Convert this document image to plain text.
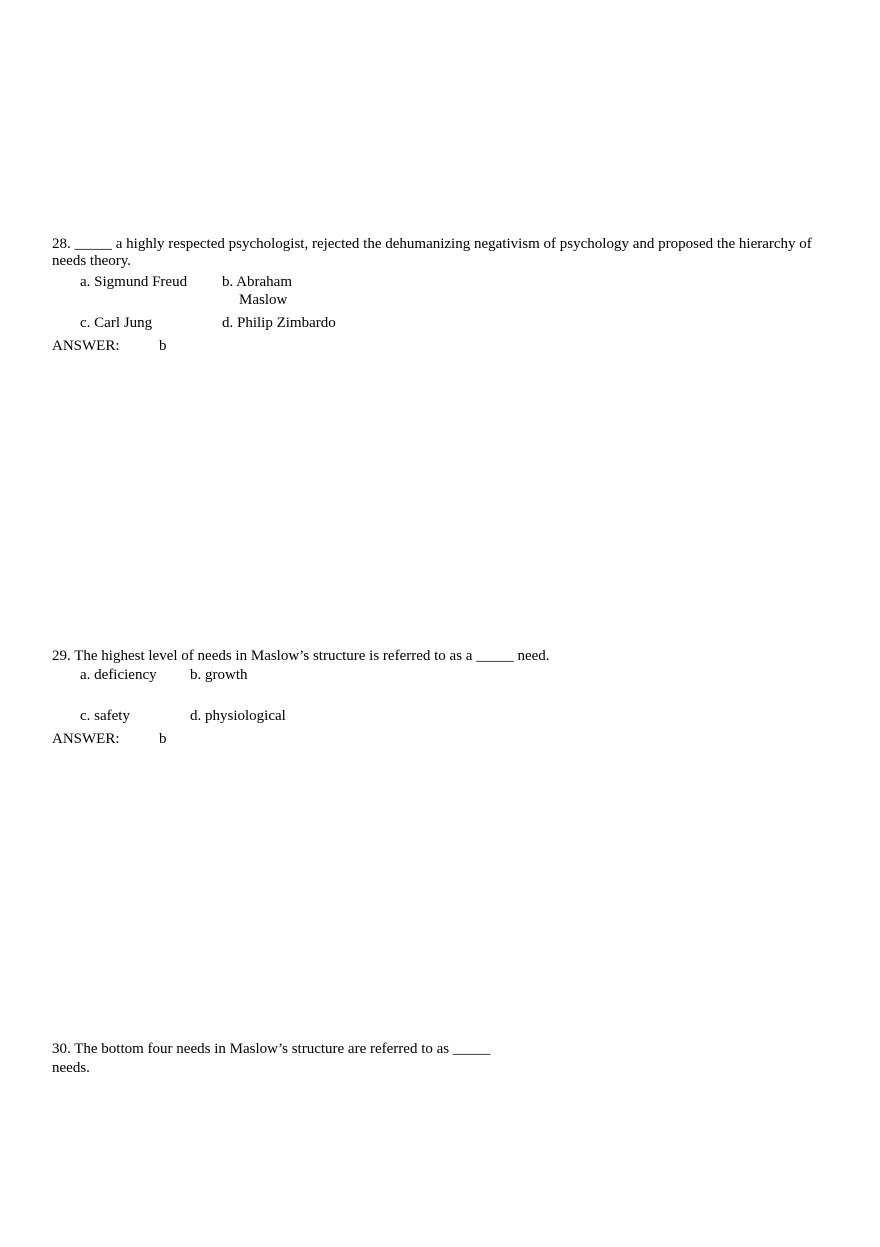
28. _____ a highly respected psychologist, rejected the dehumanizing negativism of psychology and proposed the hierarchy of needs theory.
a. Sigmund Freud b. Abraham
Maslow
c. Carl Jung	d. Philip Zimbardo
ANSWER:	b
29. The highest level of needs in Maslow’s structure is referred to as a _____ need.
a. deficiency b. growth
c. safety	d. physiological
ANSWER:	b
30. The bottom four needs in Maslow’s structure are referred to as _____
needs.
